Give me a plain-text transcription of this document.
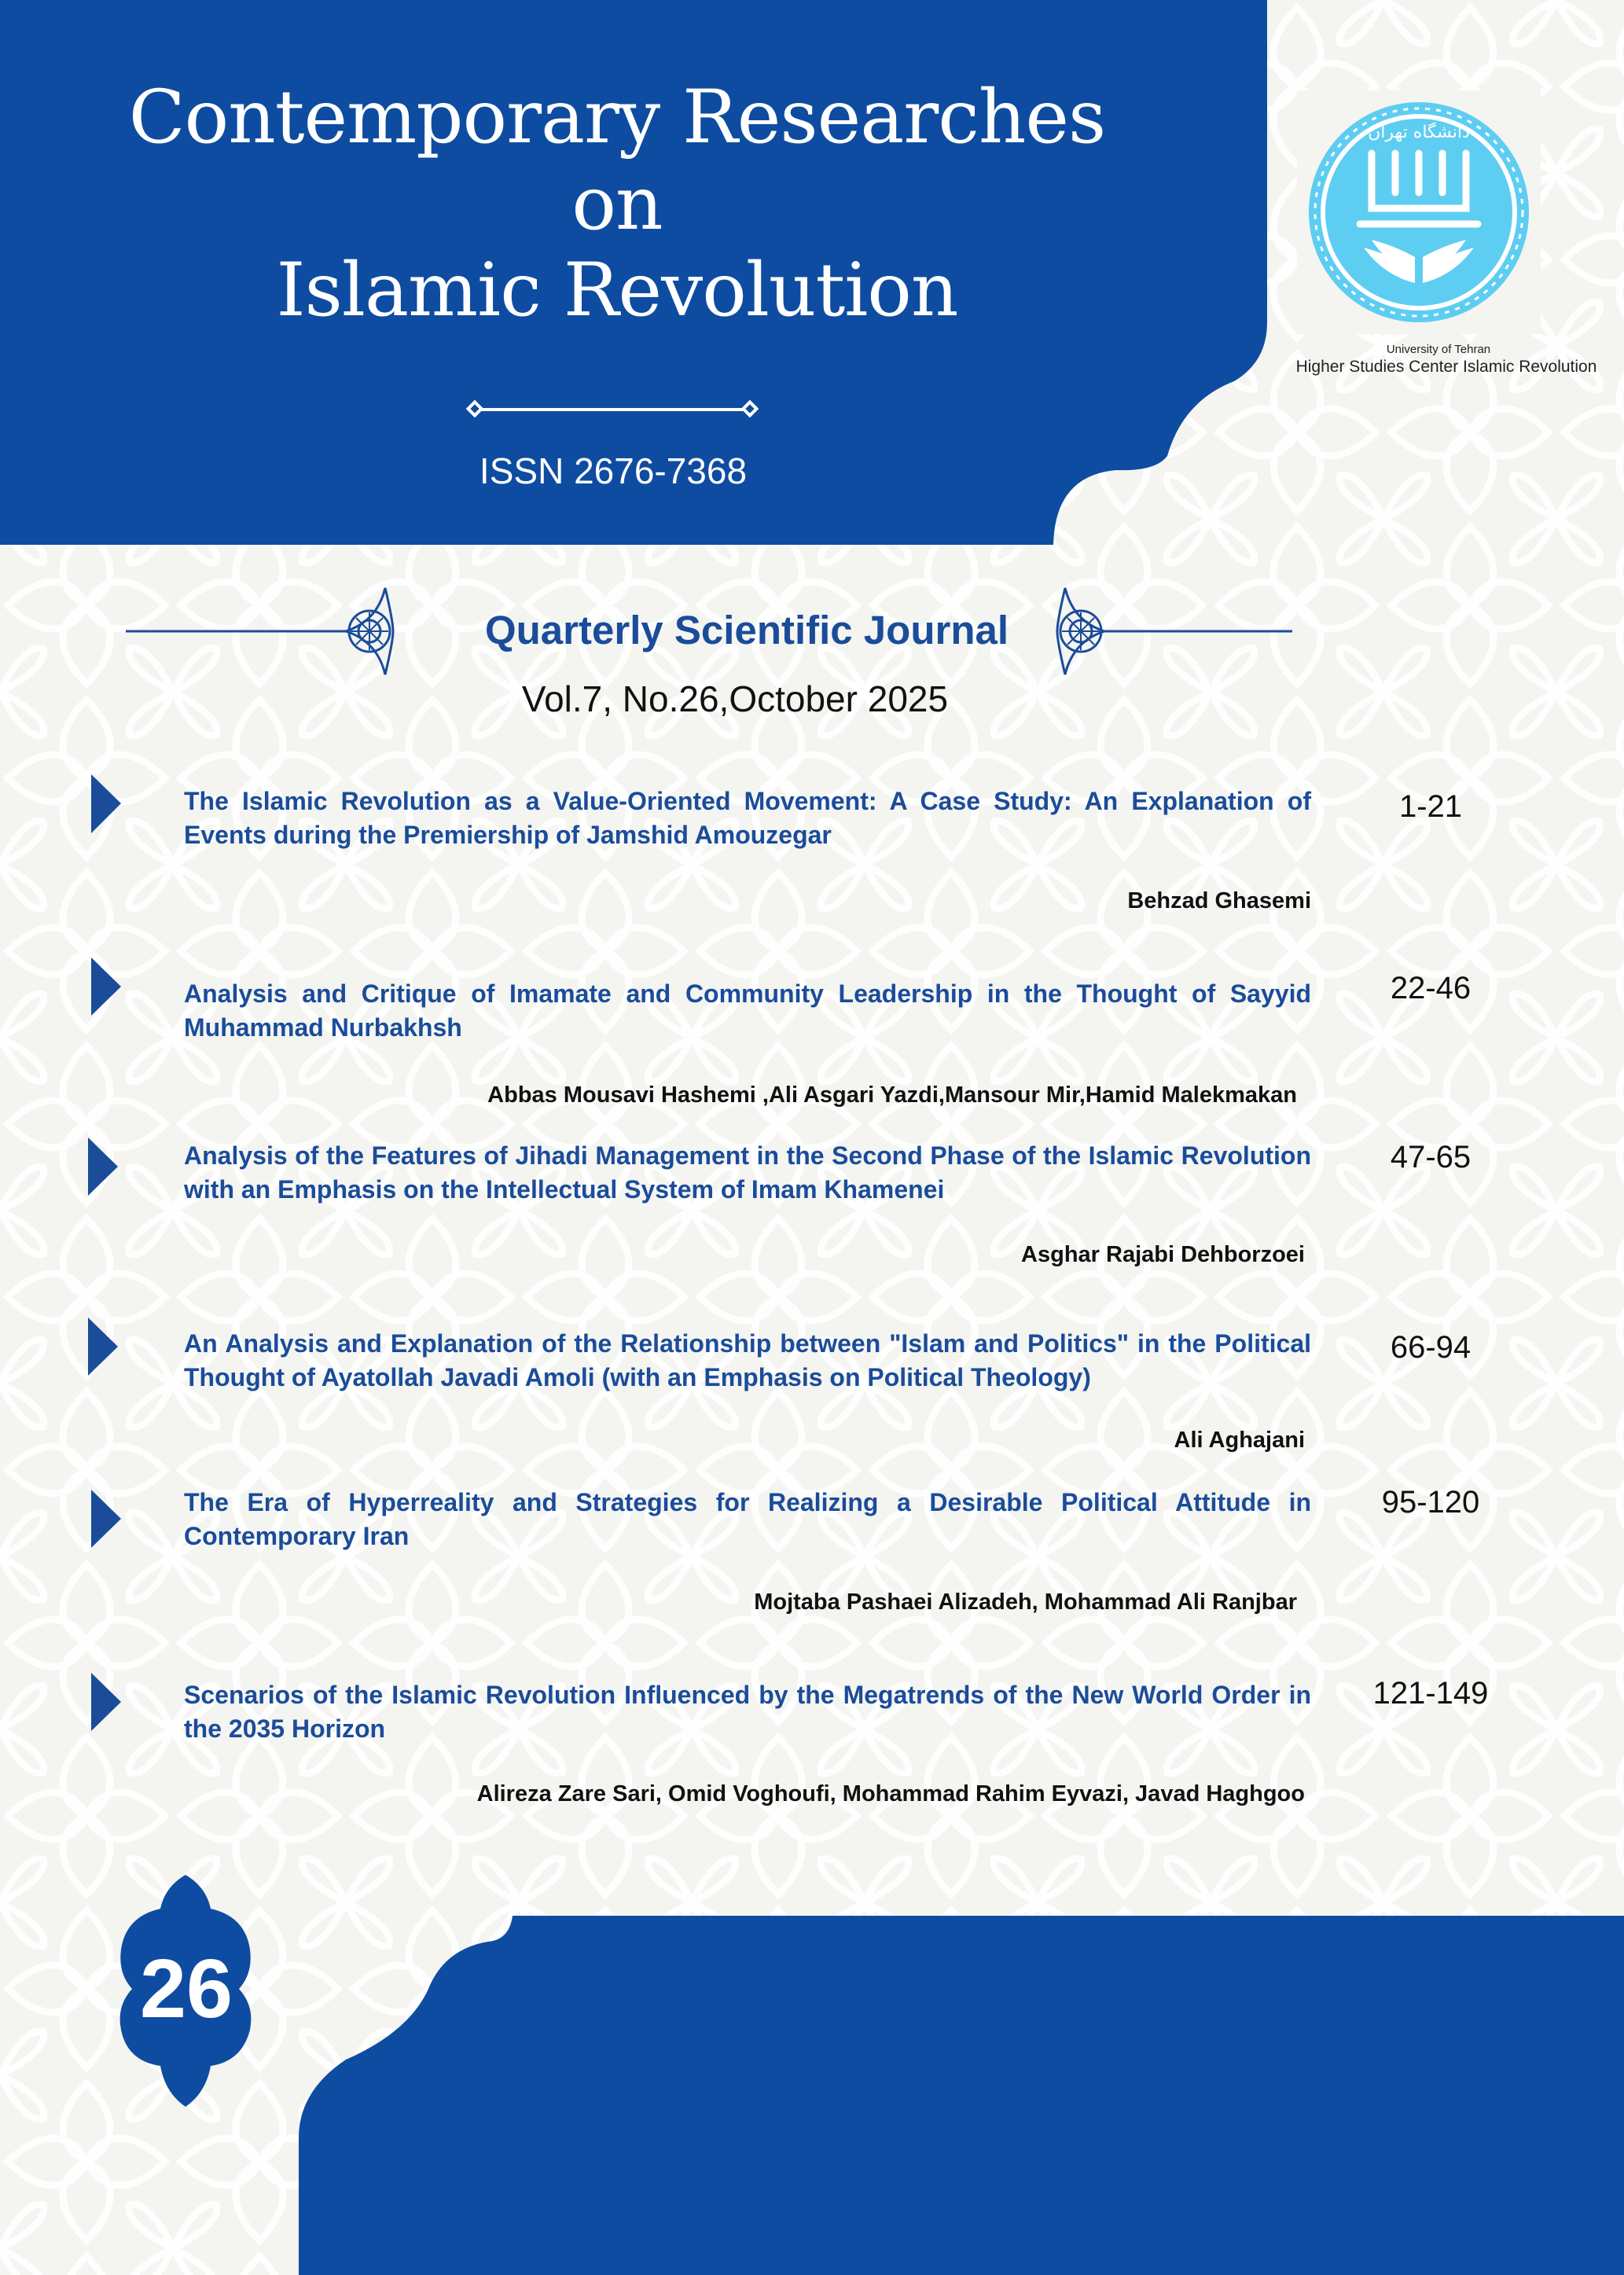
دانشگاه تهران
Contemporary Researches
on
Islamic Revolution
ISSN 2676-7368
University of Tehran
Higher Studies Center Islamic Revolution
Quarterly Scientific Journal
Vol.7, No.26,October 2025
The Islamic Revolution as a Value-Oriented Movement: A Case Study: An Explanation of Events during the Premiership of Jamshid Amouzegar
Behzad Ghasemi
1-21
Analysis and Critique of Imamate and Community Leadership in the Thought of Sayyid Muhammad Nurbakhsh
Abbas Mousavi Hashemi ,Ali Asgari Yazdi,Mansour Mir,Hamid Malekmakan
22-46
Analysis of the Features of Jihadi Management in the Second Phase of the Islamic Revolution with an Emphasis on the Intellectual System of Imam Khamenei
Asghar Rajabi Dehborzoei
47-65
An Analysis and Explanation of the Relationship between "Islam and Politics" in the Political Thought of Ayatollah Javadi Amoli (with an Emphasis on Political Theology)
Ali Aghajani
66-94
The Era of Hyperreality and Strategies for Realizing a Desirable Political Attitude in Contemporary Iran
Mojtaba Pashaei Alizadeh, Mohammad Ali Ranjbar
95-120
Scenarios of the Islamic Revolution Influenced by the Megatrends of the New World Order in the 2035 Horizon
Alireza Zare Sari, Omid Voghoufi, Mohammad Rahim Eyvazi, Javad Haghgoo
121-149
26
